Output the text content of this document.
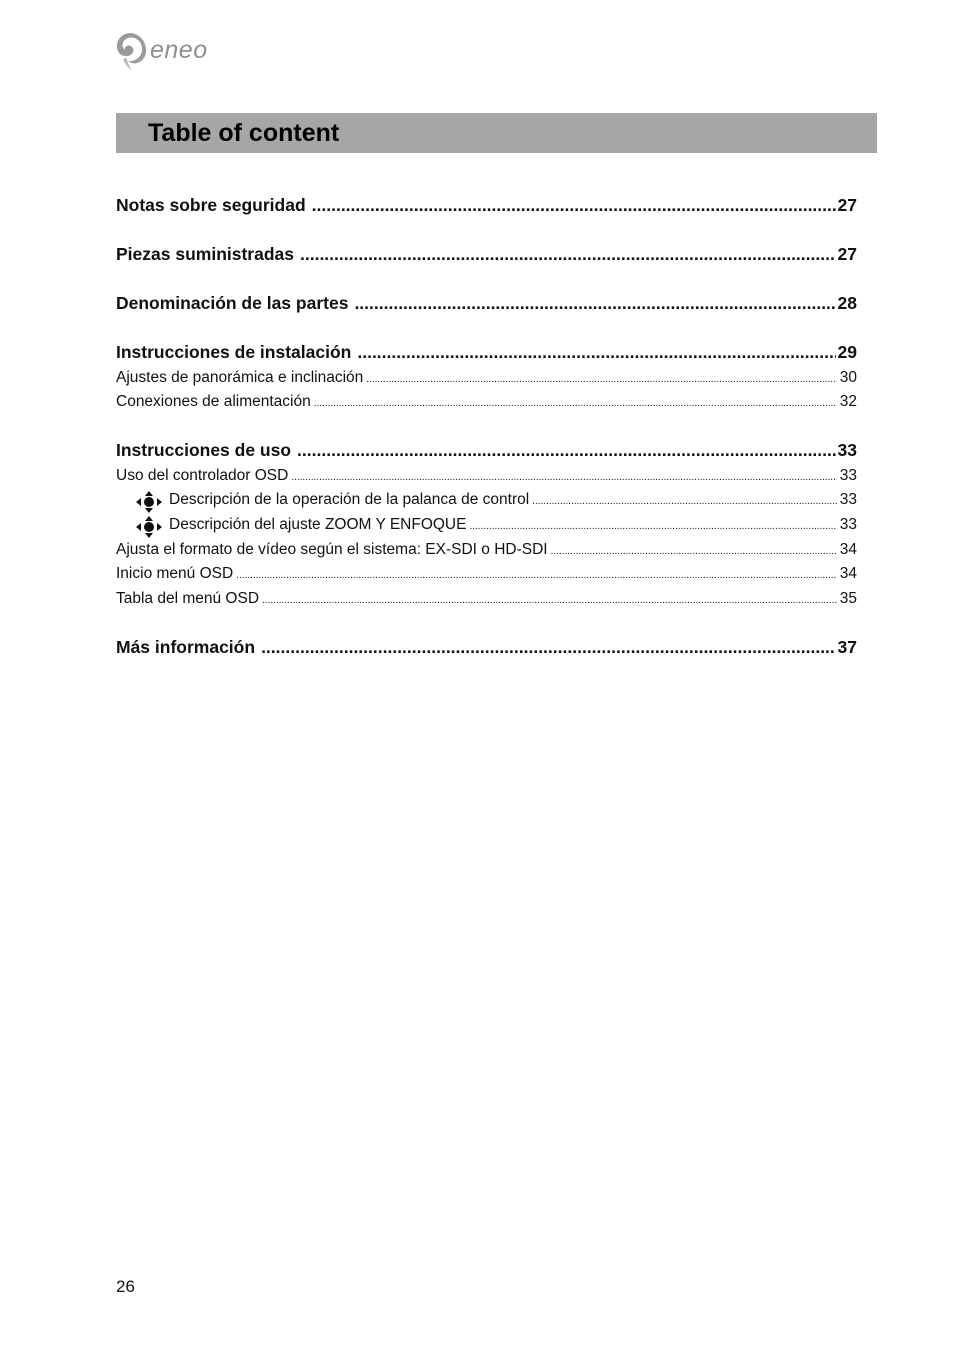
eneo
Table of content
Notas sobre seguridad .....	27
Piezas suministradas .....	27
Denominación de las partes .....	28
Instrucciones de instalación .....	29
Ajustes de panorámica e inclinación .....	30
Conexiones de alimentación .....	32
Instrucciones de uso .....	33
Uso del controlador OSD .....	33
Descripción de la operación de la palanca de control .....	33
Descripción del ajuste ZOOM Y ENFOQUE .....	33
Ajusta el formato de vídeo según el sistema: EX-SDI o HD-SDI .....	34
Inicio menú OSD .....	34
Tabla del menú OSD .....	35
Más información .....	37
26
